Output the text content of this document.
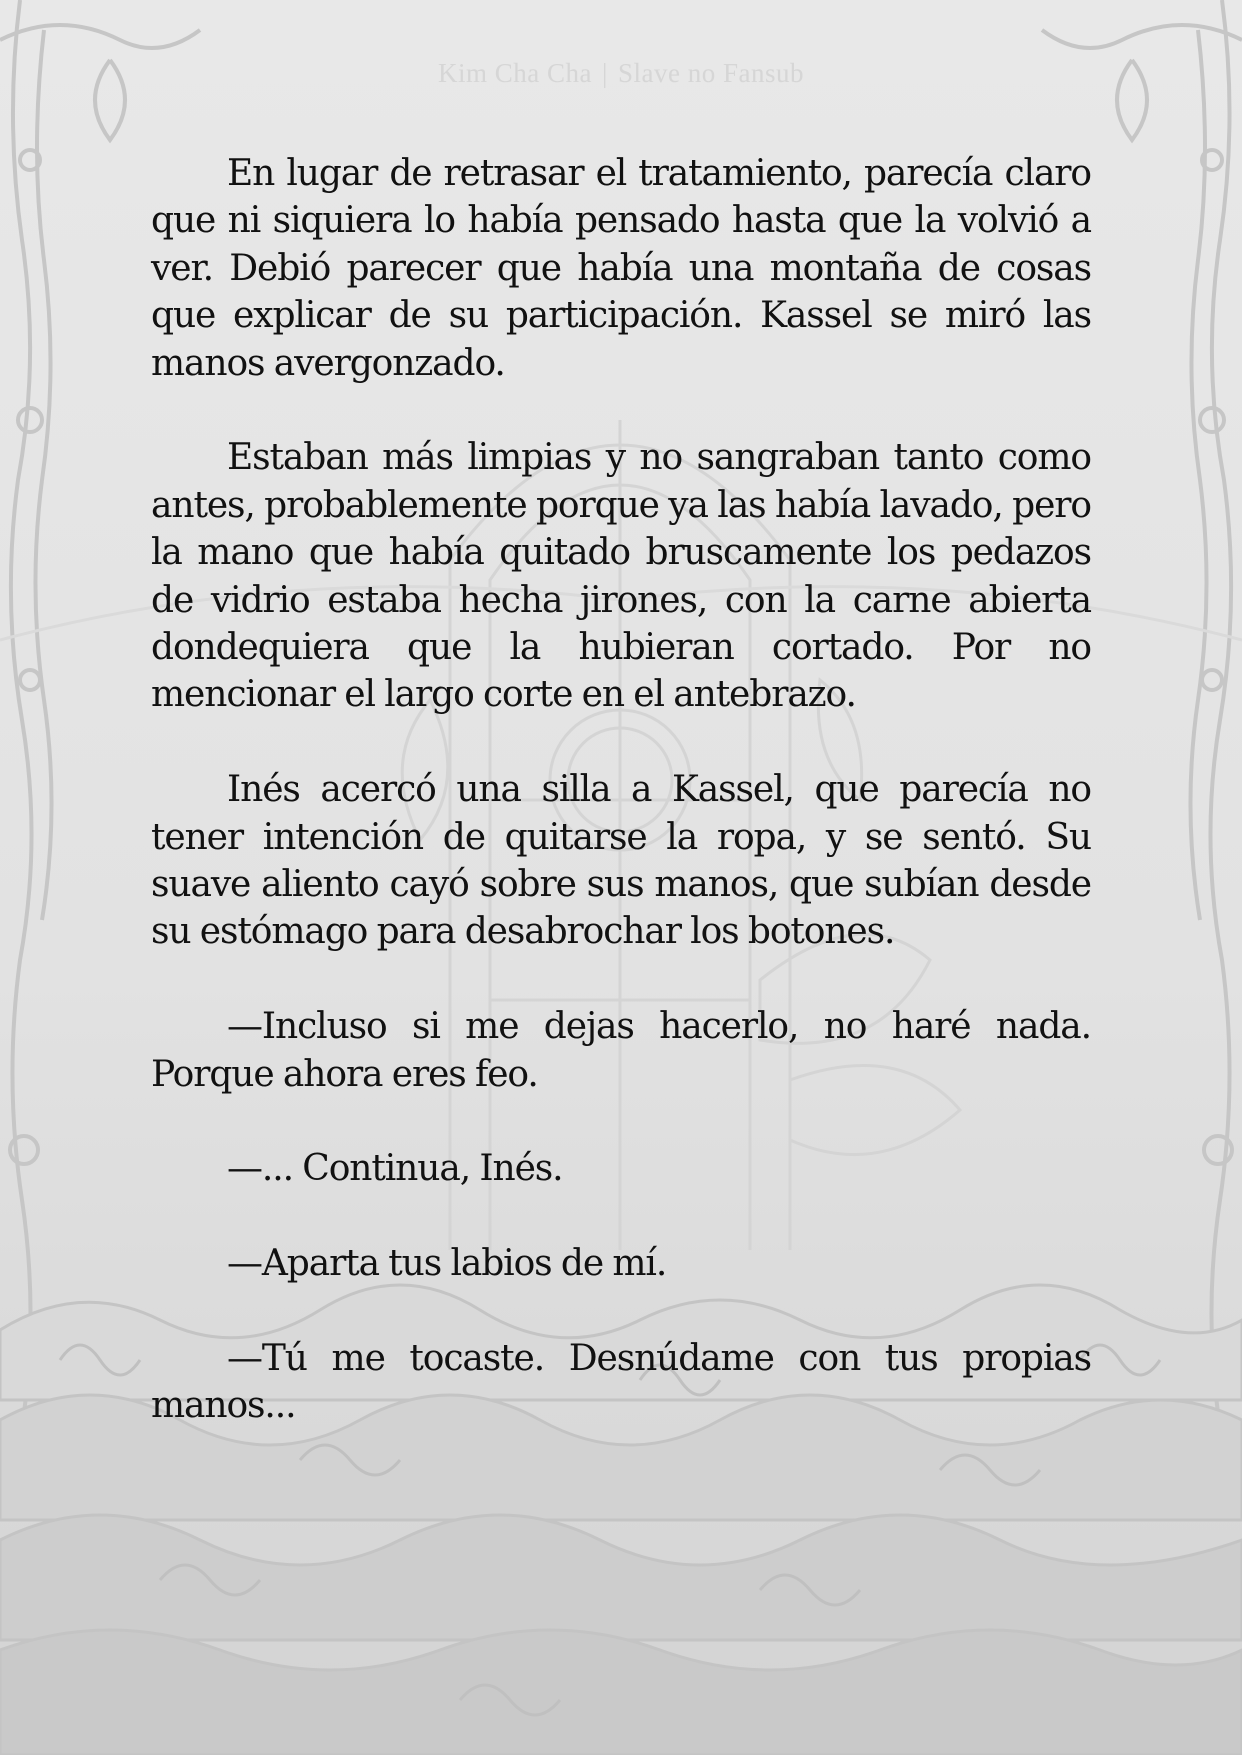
Kim Cha Cha | Slave no Fansub

En lugar de retrasar el tratamiento, parecía claro que ni siquiera lo había pensado hasta que la volvió a ver. Debió parecer que había una montaña de cosas que explicar de su participación. Kassel se miró las manos avergonzado.

Estaban más limpias y no sangraban tanto como antes, probablemente porque ya las había lavado, pero la mano que había quitado bruscamente los pedazos de vidrio estaba hecha jirones, con la carne abierta dondequiera que la hubieran cortado. Por no mencionar el largo corte en el antebrazo.

Inés acercó una silla a Kassel, que parecía no tener intención de quitarse la ropa, y se sentó. Su suave aliento cayó sobre sus manos, que subían desde su estómago para desabrochar los botones.

—Incluso si me dejas hacerlo, no haré nada. Porque ahora eres feo.

—... Continua, Inés.

—Aparta tus labios de mí.

—Tú me tocaste. Desnúdame con tus propias manos...
